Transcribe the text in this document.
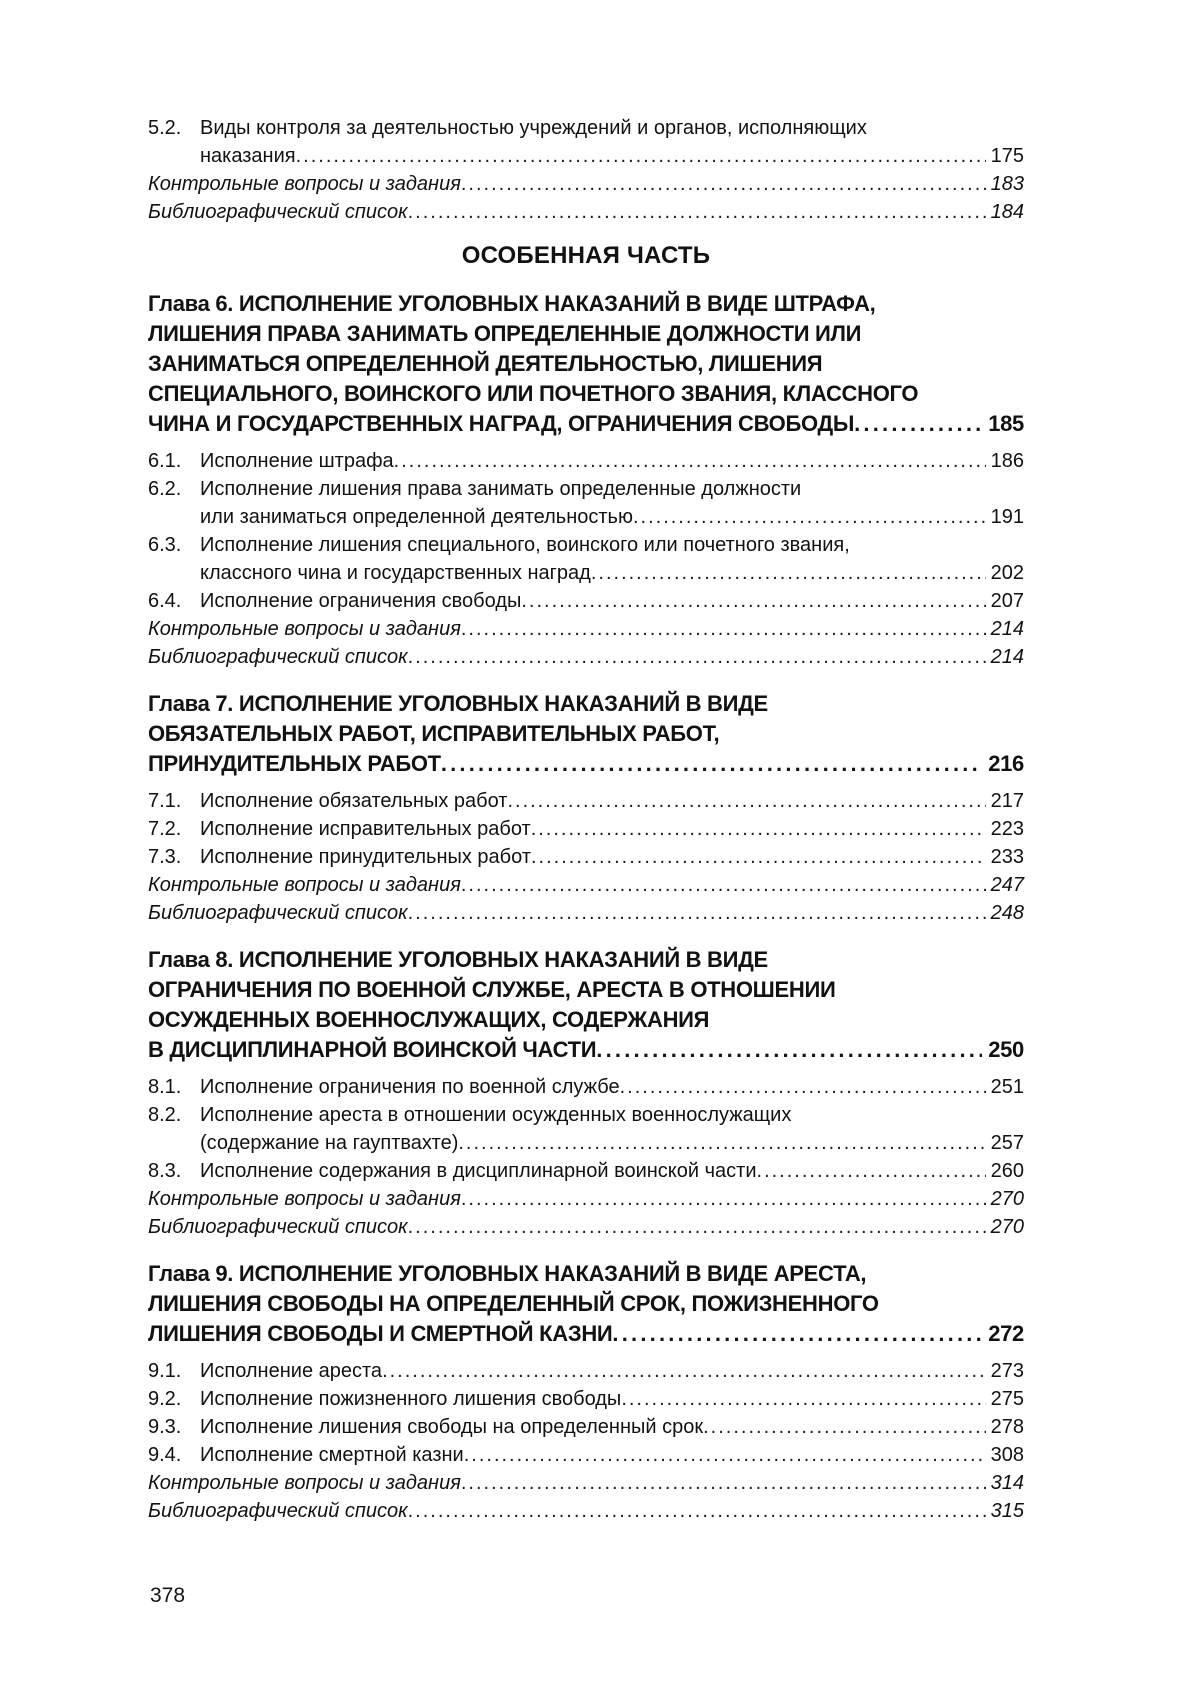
5.2. Виды контроля за деятельностью учреждений и органов, исполняющих
наказания .....	175
Контрольные вопросы и задания .....	183
Библиографический список .....	184
ОСОБЕННАЯ ЧАСТЬ
Глава 6. ИСПОЛНЕНИЕ УГОЛОВНЫХ НАКАЗАНИЙ В ВИДЕ ШТРАФА,
ЛИШЕНИЯ ПРАВА ЗАНИМАТЬ ОПРЕДЕЛЕННЫЕ ДОЛЖНОСТИ ИЛИ
ЗАНИМАТЬСЯ ОПРЕДЕЛЕННОЙ ДЕЯТЕЛЬНОСТЬЮ, ЛИШЕНИЯ
СПЕЦИАЛЬНОГО, ВОИНСКОГО ИЛИ ПОЧЕТНОГО ЗВАНИЯ, КЛАССНОГО
ЧИНА И ГОСУДАРСТВЕННЫХ НАГРАД, ОГРАНИЧЕНИЯ СВОБОДЫ .....	185
6.1. Исполнение штрафа .....	186
6.2. Исполнение лишения права занимать определенные должности
или заниматься определенной деятельностью .....	191
6.3. Исполнение лишения специального, воинского или почетного звания,
классного чина и государственных наград .....	202
6.4. Исполнение ограничения свободы .....	207
Контрольные вопросы и задания .....	214
Библиографический список .....	214
Глава 7. ИСПОЛНЕНИЕ УГОЛОВНЫХ НАКАЗАНИЙ В ВИДЕ
ОБЯЗАТЕЛЬНЫХ РАБОТ, ИСПРАВИТЕЛЬНЫХ РАБОТ,
ПРИНУДИТЕЛЬНЫХ РАБОТ .....	216
7.1. Исполнение обязательных работ .....	217
7.2. Исполнение исправительных работ .....	223
7.3. Исполнение принудительных работ .....	233
Контрольные вопросы и задания .....	247
Библиографический список .....	248
Глава 8. ИСПОЛНЕНИЕ УГОЛОВНЫХ НАКАЗАНИЙ В ВИДЕ
ОГРАНИЧЕНИЯ ПО ВОЕННОЙ СЛУЖБЕ, АРЕСТА В ОТНОШЕНИИ
ОСУЖДЕННЫХ ВОЕННОСЛУЖАЩИХ, СОДЕРЖАНИЯ
В ДИСЦИПЛИНАРНОЙ ВОИНСКОЙ ЧАСТИ .....	250
8.1. Исполнение ограничения по военной службе .....	251
8.2. Исполнение ареста в отношении осужденных военнослужащих
(содержание на гауптвахте) .....	257
8.3. Исполнение содержания в дисциплинарной воинской части .....	260
Контрольные вопросы и задания .....	270
Библиографический список .....	270
Глава 9. ИСПОЛНЕНИЕ УГОЛОВНЫХ НАКАЗАНИЙ В ВИДЕ АРЕСТА,
ЛИШЕНИЯ СВОБОДЫ НА ОПРЕДЕЛЕННЫЙ СРОК, ПОЖИЗНЕННОГО
ЛИШЕНИЯ СВОБОДЫ И СМЕРТНОЙ КАЗНИ .....	272
9.1. Исполнение ареста .....	273
9.2. Исполнение пожизненного лишения свободы .....	275
9.3. Исполнение лишения свободы на определенный срок .....	278
9.4. Исполнение смертной казни .....	308
Контрольные вопросы и задания .....	314
Библиографический список .....	315
378
